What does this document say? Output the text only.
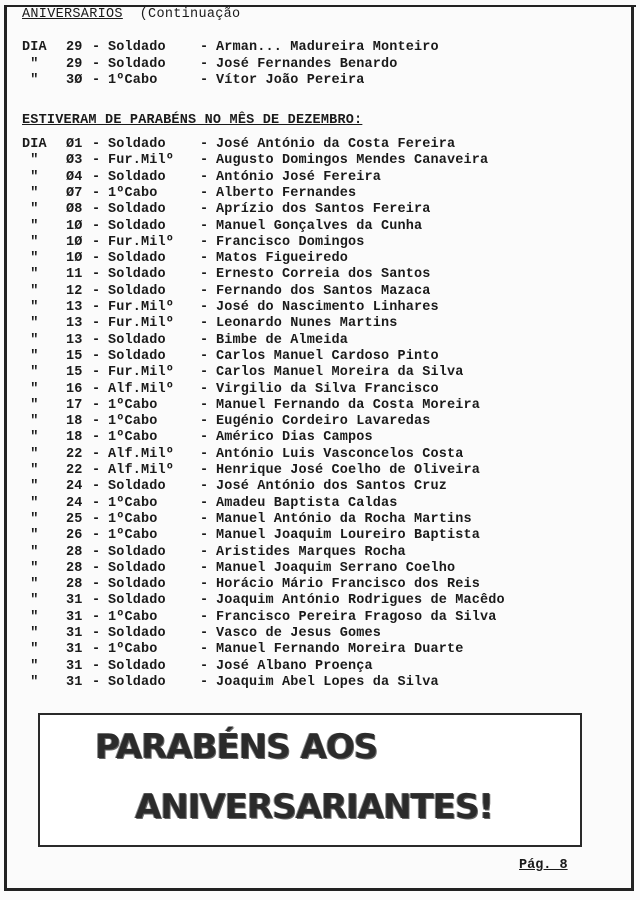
ANIVERSÁRIOS (Continuação
DIA 29 - Soldado	- Arman... Madureira Monteiro
" 29 - Soldado	- José Fernandes Benardo
" 3Ø - 1ºCabo	- Vítor João Pereira
ESTIVERAM DE PARABÉNS NO MÊS DE DEZEMBRO:
DIA Ø1 - Soldado	- José António da Costa Fereira
" Ø3 - Fur.Milº - Augusto Domingos Mendes Canaveira
" Ø4 - Soldado	- António José Fereira
" Ø7 - 1ºCabo	- Alberto Fernandes
" Ø8 - Soldado	- Aprízio dos Santos Fereira
" 1Ø - Soldado	- Manuel Gonçalves da Cunha
" 1Ø - Fur.Milº - Francisco Domingos
" 1Ø - Soldado	- Matos Figueiredo
" 11 - Soldado	- Ernesto Correia dos Santos
" 12 - Soldado	- Fernando dos Santos Mazaca
" 13 - Fur.Milº - José do Nascimento Linhares
" 13 - Fur.Milº - Leonardo Nunes Martins
" 13 - Soldado	- Bimbe de Almeida
" 15 - Soldado	- Carlos Manuel Cardoso Pinto
" 15 - Fur.Milº - Carlos Manuel Moreira da Silva
" 16 - Alf.Milº - Virgilio da Silva Francisco
" 17 - 1ºCabo	- Manuel Fernando da Costa Moreira
" 18 - 1ºCabo	- Eugénio Cordeiro Lavaredas
" 18 - 1ºCabo	- Américo Dias Campos
" 22 - Alf.Milº - António Luis Vasconcelos Costa
" 22 - Alf.Milº - Henrique José Coelho de Oliveira
" 24 - Soldado	- José António dos Santos Cruz
" 24 - 1ºCabo	- Amadeu Baptista Caldas
" 25 - 1ºCabo	- Manuel António da Rocha Martins
" 26 - 1ºCabo	- Manuel Joaquim Loureiro Baptista
" 28 - Soldado	- Aristides Marques Rocha
" 28 - Soldado	- Manuel Joaquim Serrano Coelho
" 28 - Soldado	- Horácio Mário Francisco dos Reis
" 31 - Soldado	- Joaquim António Rodrigues de Macêdo
" 31 - 1ºCabo	- Francisco Pereira Fragoso da Silva
" 31 - Soldado	- Vasco de Jesus Gomes
" 31 - 1ºCabo	- Manuel Fernando Moreira Duarte
" 31 - Soldado	- José Albano Proença
" 31 - Soldado	- Joaquim Abel Lopes da Silva
PARABÉNS AOS
ANIVERSARIANTES!
Pág. 8
